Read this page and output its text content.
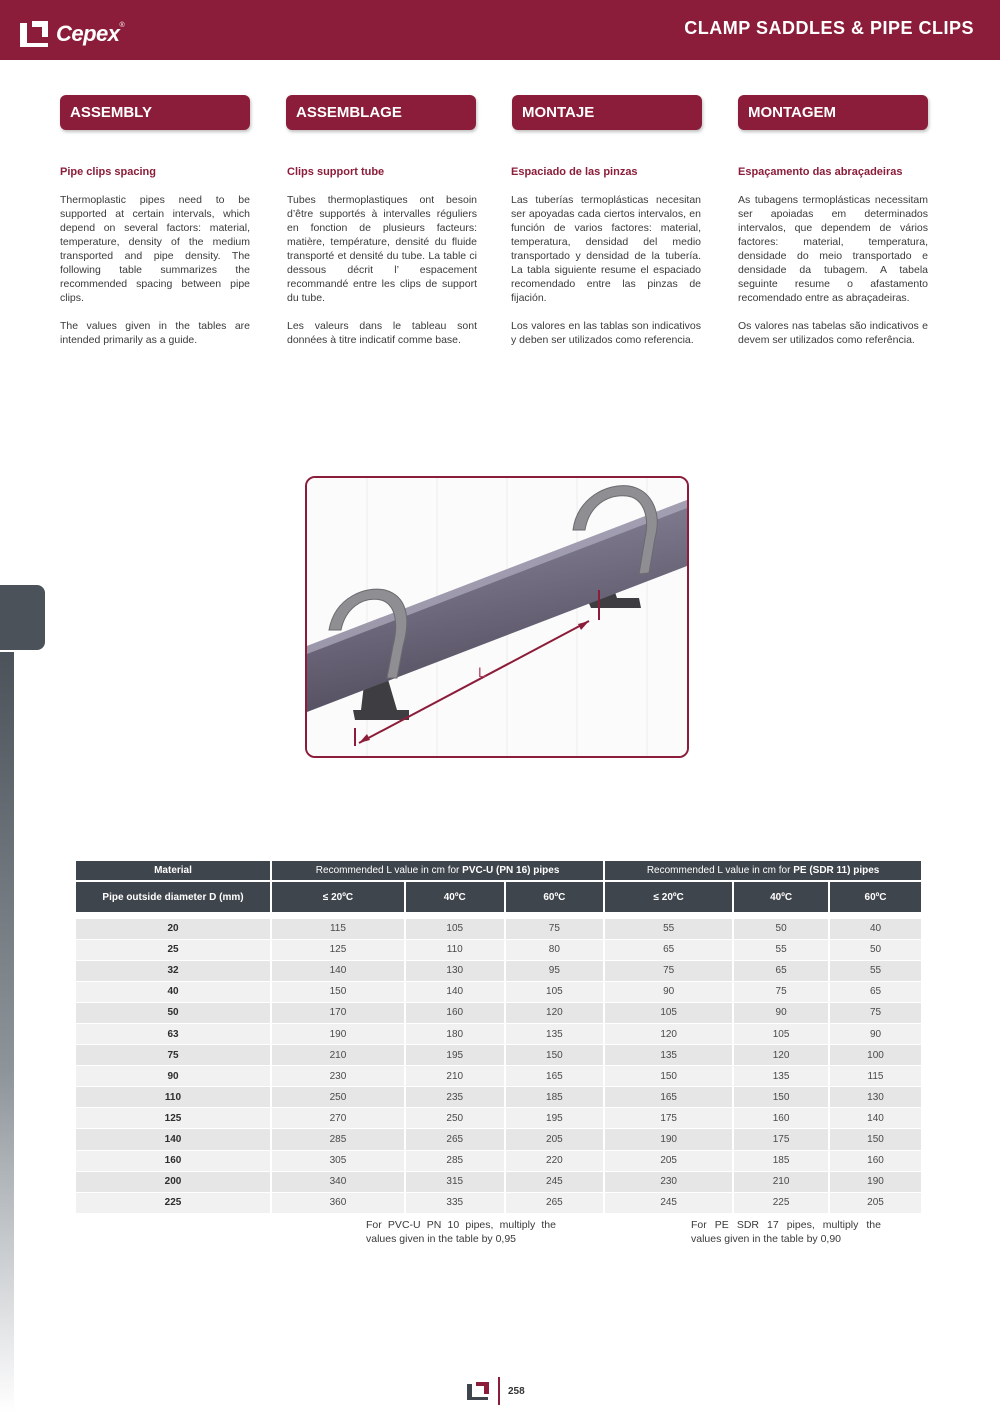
Cepex ®	CLAMP SADDLES & PIPE CLIPS
ASSEMBLY	ASSEMBLAGE	MONTAJE	MONTAGEM
Pipe clips spacing

Thermoplastic pipes need to be supported at certain intervals, which depend on several factors: material, temperature, density of the medium transported and pipe density. The following table summarizes the recommended spacing between pipe clips.

The values given in the tables are intended primarily as a guide.

Clips support tube

Tubes thermoplastiques ont besoin d’être supportés à intervalles réguliers en fonction de plusieurs facteurs: matière, température, densité du fluide transporté et densité du tube. La table ci dessous décrit l’ espacement recommandé entre les clips de support du tube.

Les valeurs dans le tableau sont données à titre indicatif comme base.

Espaciado de las pinzas

Las tuberías termoplásticas necesitan ser apoyadas cada ciertos intervalos, en función de varios factores: material, temperatura, densidad del medio transportado y densidad de la tubería. La tabla siguiente resume el espaciado recomendado entre las pinzas de fijación.

Los valores en las tablas son indicativos y deben ser utilizados como referencia.

Espaçamento das abraçadeiras

As tubagens termoplásticas necessitam ser apoiadas em determinados intervalos, que dependem de vários factores: material, temperatura, densidade do meio transportado e densidade da tubagem. A tabela seguinte resume o afastamento recomendado entre as abraçadeiras.

Os valores nas tabelas são indicativos e devem ser utilizados como referência.

L
Material	Recommended L value in cm for PVC-U (PN 16) pipes			Recommended L value in cm for PE (SDR 11) pipes		
Pipe outside diameter D (mm)	≤ 20ºC	40ºC	60ºC	≤ 20ºC	40ºC	60ºC

20	115	105	75	55	50	40
25	125	110	80	65	55	50
32	140	130	95	75	65	55
40	150	140	105	90	75	65
50	170	160	120	105	90	75
63	190	180	135	120	105	90
75	210	195	150	135	120	100
90	230	210	165	150	135	115
110	250	235	185	165	150	130
125	270	250	195	175	160	140
140	285	265	205	190	175	150
160	305	285	220	205	185	160
200	340	315	245	230	210	190
225	360	335	265	245	225	205
For PVC-U PN 10 pipes, multiply the values given in the table by 0,95
For PE SDR 17 pipes, multiply the values given in the table by 0,90
258
